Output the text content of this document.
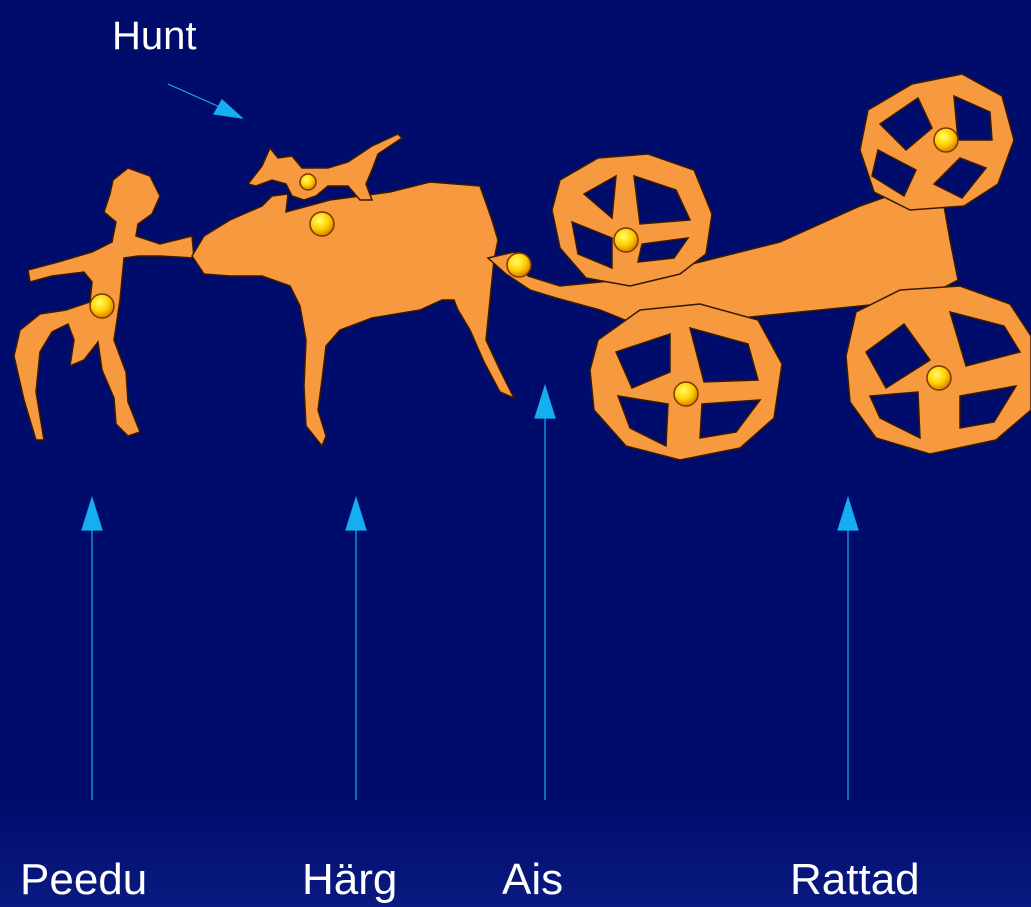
Hunt
Peedu	Härg Ais	Rattad
